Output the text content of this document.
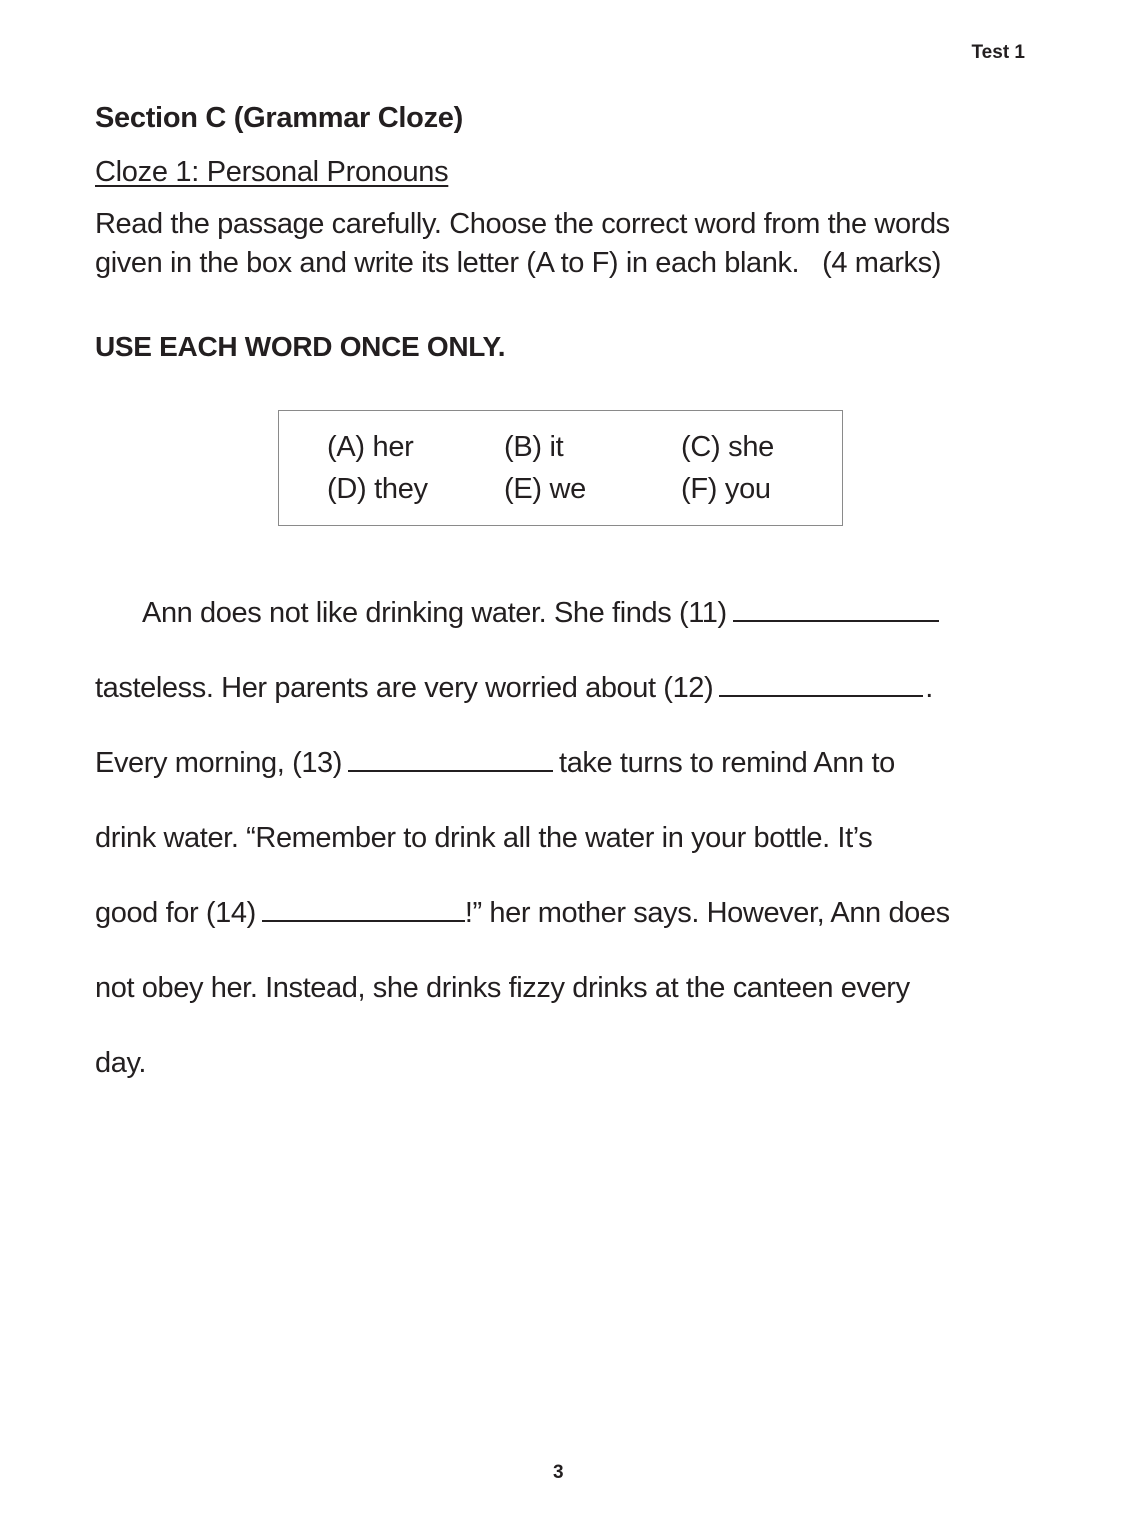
Test 1
Section C (Grammar Cloze)
Cloze 1: Personal Pronouns
Read the passage carefully. Choose the correct word from the words
given in the box and write its letter (A to F) in each blank.   (4 marks)
USE EACH WORD ONCE ONLY.
(A) her	(B) it	(C) she
(D) they	(E) we	(F) you
Ann does not like drinking water. She finds (11)
tasteless. Her parents are very worried about (12)	.
Every morning, (13)	take turns to remind Ann to
drink water. “Remember to drink all the water in your bottle. It’s
good for (14)	!” her mother says. However, Ann does
not obey her. Instead, she drinks fizzy drinks at the canteen every
day.
3
